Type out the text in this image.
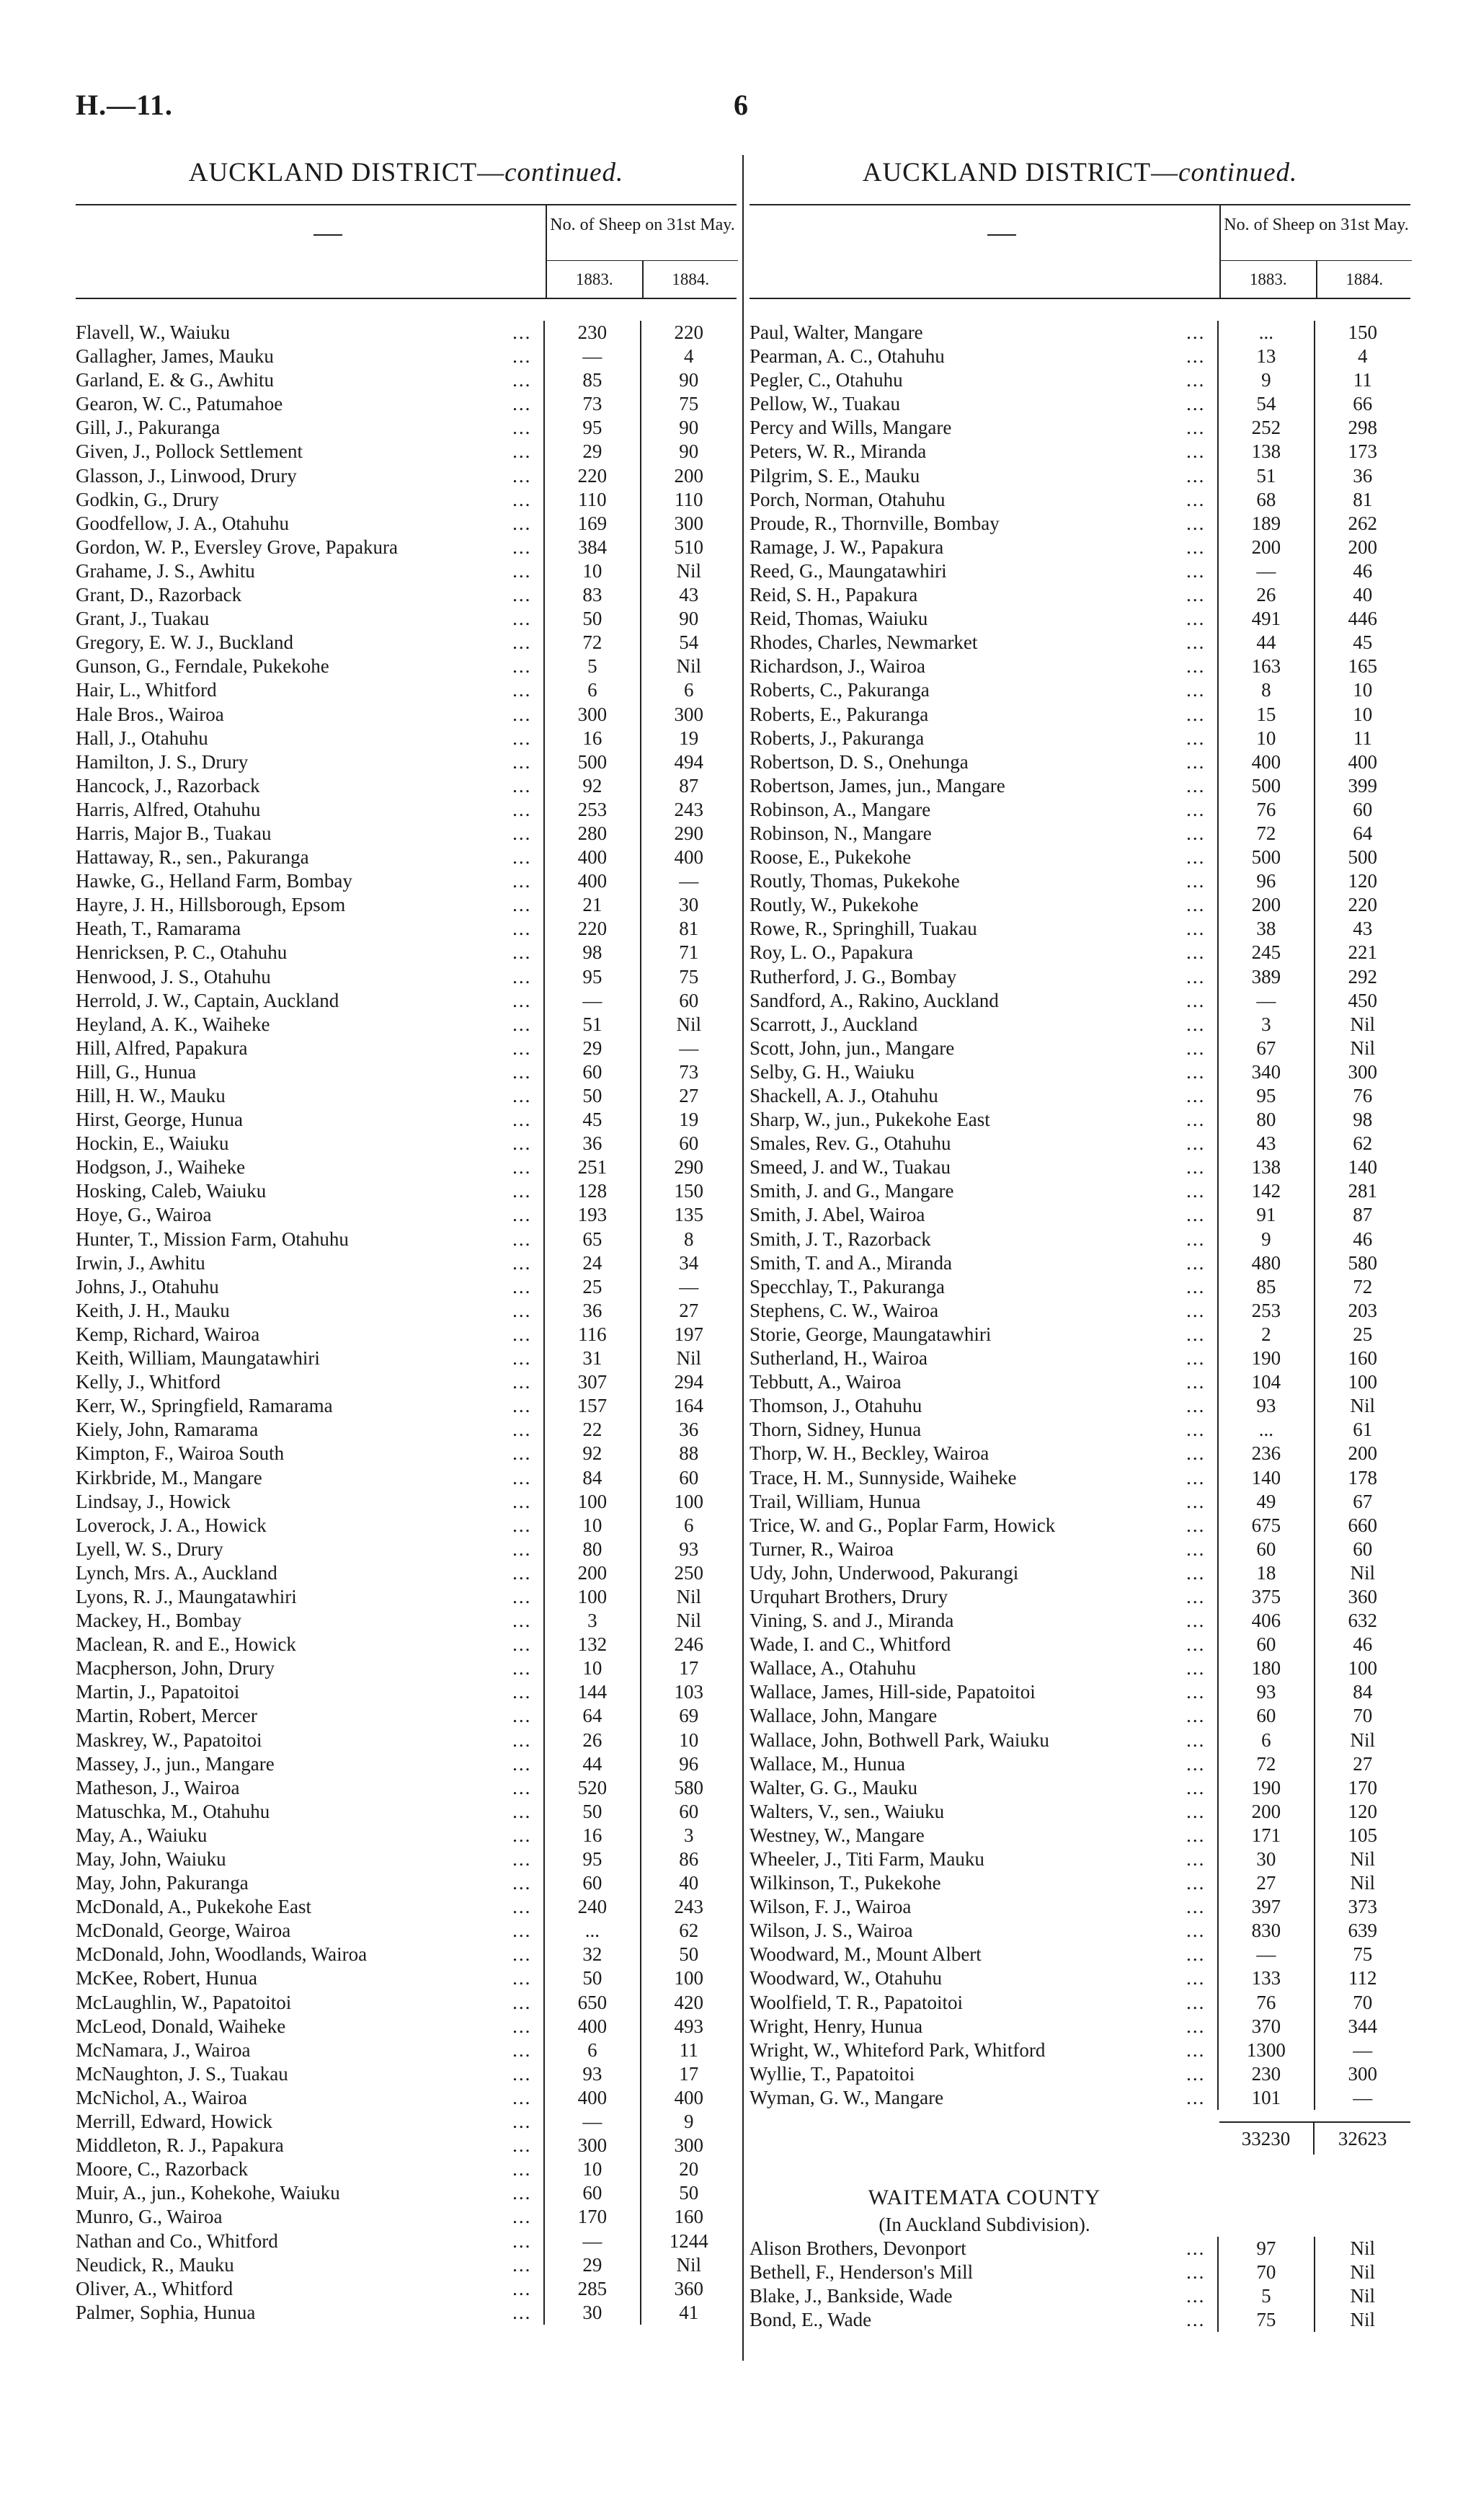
H.—11.	6
AUCKLAND DISTRICT—continued.
No. of Sheep on 31st May.
1883.	1884.
Flavell, W., Waiuku	...	230	220
Gallagher, James, Mauku	...	—	4
Garland, E. & G., Awhitu	...	85	90
Gearon, W. C., Patumahoe	...	73	75
Gill, J., Pakuranga	...	95	90
Given, J., Pollock Settlement	...	29	90
Glasson, J., Linwood, Drury	...	220	200
Godkin, G., Drury	...	110	110
Goodfellow, J. A., Otahuhu	...	169	300
Gordon, W. P., Eversley Grove, Papakura	...	384	510
Grahame, J. S., Awhitu	...	10	Nil
Grant, D., Razorback	...	83	43
Grant, J., Tuakau	...	50	90
Gregory, E. W. J., Buckland	...	72	54
Gunson, G., Ferndale, Pukekohe	...	5	Nil
Hair, L., Whitford	...	6	6
Hale Bros., Wairoa	...	300	300
Hall, J., Otahuhu	...	16	19
Hamilton, J. S., Drury	...	500	494
Hancock, J., Razorback	...	92	87
Harris, Alfred, Otahuhu	...	253	243
Harris, Major B., Tuakau	...	280	290
Hattaway, R., sen., Pakuranga	...	400	400
Hawke, G., Helland Farm, Bombay	...	400	—
Hayre, J. H., Hillsborough, Epsom	...	21	30
Heath, T., Ramarama	...	220	81
Henricksen, P. C., Otahuhu	...	98	71
Henwood, J. S., Otahuhu	...	95	75
Herrold, J. W., Captain, Auckland	...	—	60
Heyland, A. K., Waiheke	...	51	Nil
Hill, Alfred, Papakura	...	29	—
Hill, G., Hunua	...	60	73
Hill, H. W., Mauku	...	50	27
Hirst, George, Hunua	...	45	19
Hockin, E., Waiuku	...	36	60
Hodgson, J., Waiheke	...	251	290
Hosking, Caleb, Waiuku	...	128	150
Hoye, G., Wairoa	...	193	135
Hunter, T., Mission Farm, Otahuhu	...	65	8
Irwin, J., Awhitu	...	24	34
Johns, J., Otahuhu	...	25	—
Keith, J. H., Mauku	...	36	27
Kemp, Richard, Wairoa	...	116	197
Keith, William, Maungatawhiri	...	31	Nil
Kelly, J., Whitford	...	307	294
Kerr, W., Springfield, Ramarama	...	157	164
Kiely, John, Ramarama	...	22	36
Kimpton, F., Wairoa South	...	92	88
Kirkbride, M., Mangare	...	84	60
Lindsay, J., Howick	...	100	100
Loverock, J. A., Howick	...	10	6
Lyell, W. S., Drury	...	80	93
Lynch, Mrs. A., Auckland	...	200	250
Lyons, R. J., Maungatawhiri	...	100	Nil
Mackey, H., Bombay	...	3	Nil
Maclean, R. and E., Howick	...	132	246
Macpherson, John, Drury	...	10	17
Martin, J., Papatoitoi	...	144	103
Martin, Robert, Mercer	...	64	69
Maskrey, W., Papatoitoi	...	26	10
Massey, J., jun., Mangare	...	44	96
Matheson, J., Wairoa	...	520	580
Matuschka, M., Otahuhu	...	50	60
May, A., Waiuku	...	16	3
May, John, Waiuku	...	95	86
May, John, Pakuranga	...	60	40
McDonald, A., Pukekohe East	...	240	243
McDonald, George, Wairoa	...	...	62
McDonald, John, Woodlands, Wairoa	...	32	50
McKee, Robert, Hunua	...	50	100
McLaughlin, W., Papatoitoi	...	650	420
McLeod, Donald, Waiheke	...	400	493
McNamara, J., Wairoa	...	6	11
McNaughton, J. S., Tuakau	...	93	17
McNichol, A., Wairoa	...	400	400
Merrill, Edward, Howick	...	—	9
Middleton, R. J., Papakura	...	300	300
Moore, C., Razorback	...	10	20
Muir, A., jun., Kohekohe, Waiuku	...	60	50
Munro, G., Wairoa	...	170	160
Nathan and Co., Whitford	...	—	1244
Neudick, R., Mauku	...	29	Nil
Oliver, A., Whitford	...	285	360
Palmer, Sophia, Hunua	...	30	41
AUCKLAND DISTRICT—continued.
No. of Sheep on 31st May.
1883.	1884.
Paul, Walter, Mangare	...	...	150
Pearman, A. C., Otahuhu	...	13	4
Pegler, C., Otahuhu	...	9	11
Pellow, W., Tuakau	...	54	66
Percy and Wills, Mangare	...	252	298
Peters, W. R., Miranda	...	138	173
Pilgrim, S. E., Mauku	...	51	36
Porch, Norman, Otahuhu	...	68	81
Proude, R., Thornville, Bombay	...	189	262
Ramage, J. W., Papakura	...	200	200
Reed, G., Maungatawhiri	...	—	46
Reid, S. H., Papakura	...	26	40
Reid, Thomas, Waiuku	...	491	446
Rhodes, Charles, Newmarket	...	44	45
Richardson, J., Wairoa	...	163	165
Roberts, C., Pakuranga	...	8	10
Roberts, E., Pakuranga	...	15	10
Roberts, J., Pakuranga	...	10	11
Robertson, D. S., Onehunga	...	400	400
Robertson, James, jun., Mangare	...	500	399
Robinson, A., Mangare	...	76	60
Robinson, N., Mangare	...	72	64
Roose, E., Pukekohe	...	500	500
Routly, Thomas, Pukekohe	...	96	120
Routly, W., Pukekohe	...	200	220
Rowe, R., Springhill, Tuakau	...	38	43
Roy, L. O., Papakura	...	245	221
Rutherford, J. G., Bombay	...	389	292
Sandford, A., Rakino, Auckland	...	—	450
Scarrott, J., Auckland	...	3	Nil
Scott, John, jun., Mangare	...	67	Nil
Selby, G. H., Waiuku	...	340	300
Shackell, A. J., Otahuhu	...	95	76
Sharp, W., jun., Pukekohe East	...	80	98
Smales, Rev. G., Otahuhu	...	43	62
Smeed, J. and W., Tuakau	...	138	140
Smith, J. and G., Mangare	...	142	281
Smith, J. Abel, Wairoa	...	91	87
Smith, J. T., Razorback	...	9	46
Smith, T. and A., Miranda	...	480	580
Specchlay, T., Pakuranga	...	85	72
Stephens, C. W., Wairoa	...	253	203
Storie, George, Maungatawhiri	...	2	25
Sutherland, H., Wairoa	...	190	160
Tebbutt, A., Wairoa	...	104	100
Thomson, J., Otahuhu	...	93	Nil
Thorn, Sidney, Hunua	...	...	61
Thorp, W. H., Beckley, Wairoa	...	236	200
Trace, H. M., Sunnyside, Waiheke	...	140	178
Trail, William, Hunua	...	49	67
Trice, W. and G., Poplar Farm, Howick	...	675	660
Turner, R., Wairoa	...	60	60
Udy, John, Underwood, Pakurangi	...	18	Nil
Urquhart Brothers, Drury	...	375	360
Vining, S. and J., Miranda	...	406	632
Wade, I. and C., Whitford	...	60	46
Wallace, A., Otahuhu	...	180	100
Wallace, James, Hill-side, Papatoitoi	...	93	84
Wallace, John, Mangare	...	60	70
Wallace, John, Bothwell Park, Waiuku	...	6	Nil
Wallace, M., Hunua	...	72	27
Walter, G. G., Mauku	...	190	170
Walters, V., sen., Waiuku	...	200	120
Westney, W., Mangare	...	171	105
Wheeler, J., Titi Farm, Mauku	...	30	Nil
Wilkinson, T., Pukekohe	...	27	Nil
Wilson, F. J., Wairoa	...	397	373
Wilson, J. S., Wairoa	...	830	639
Woodward, M., Mount Albert	...	—	75
Woodward, W., Otahuhu	...	133	112
Woolfield, T. R., Papatoitoi	...	76	70
Wright, Henry, Hunua	...	370	344
Wright, W., Whiteford Park, Whitford	...	1300	—
Wyllie, T., Papatoitoi	...	230	300
Wyman, G. W., Mangare	...	101	—
33230	32623
WAITEMATA COUNTY
(In Auckland Subdivision).
Alison Brothers, Devonport	...	97	Nil
Bethell, F., Henderson's Mill	...	70	Nil
Blake, J., Bankside, Wade	...	5	Nil
Bond, E., Wade	...	75	Nil
